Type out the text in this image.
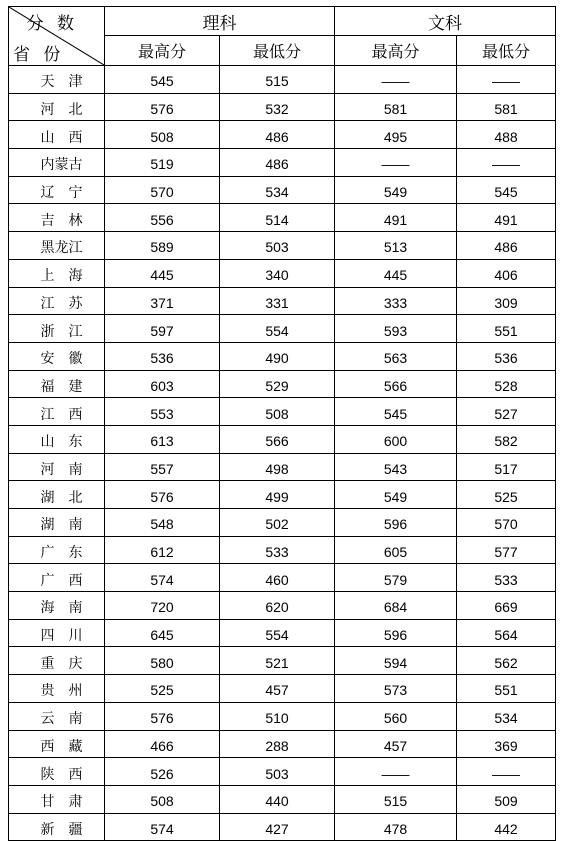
分 数
省 份	理科		文科	
	最高分	最低分	最高分	最低分
天　津	545	515	——	——
河　北	576	532	581	581
山　西	508	486	495	488
内蒙古	519	486	——	——
辽　宁	570	534	549	545
吉　林	556	514	491	491
黑龙江	589	503	513	486
上　海	445	340	445	406
江　苏	371	331	333	309
浙　江	597	554	593	551
安　徽	536	490	563	536
福　建	603	529	566	528
江　西	553	508	545	527
山　东	613	566	600	582
河　南	557	498	543	517
湖　北	576	499	549	525
湖　南	548	502	596	570
广　东	612	533	605	577
广　西	574	460	579	533
海　南	720	620	684	669
四　川	645	554	596	564
重　庆	580	521	594	562
贵　州	525	457	573	551
云　南	576	510	560	534
西　藏	466	288	457	369
陕　西	526	503	——	——
甘　肃	508	440	515	509
新　疆	574	427	478	442
